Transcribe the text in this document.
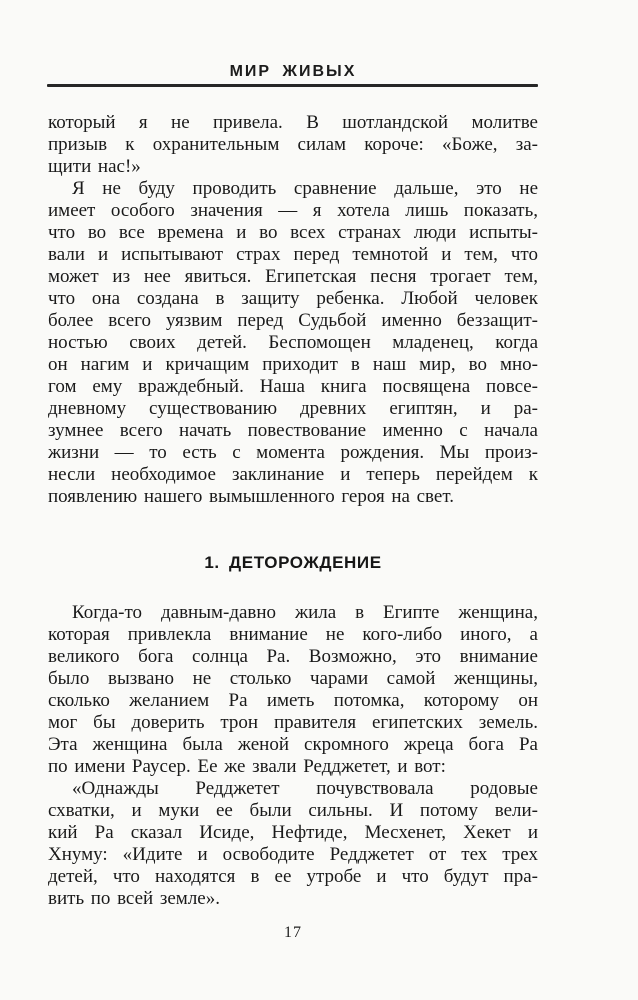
МИР ЖИВЫХ
который я не привела. В шотландской молитве
призыв к охранительным силам короче: «Боже, за-
щити нас!»
Я не буду проводить сравнение дальше, это не
имеет особого значения — я хотела лишь показать,
что во все времена и во всех странах люди испыты-
вали и испытывают страх перед темнотой и тем, что
может из нее явиться. Египетская песня трогает тем,
что она создана в защиту ребенка. Любой человек
более всего уязвим перед Судьбой именно беззащит-
ностью своих детей. Беспомощен младенец, когда
он нагим и кричащим приходит в наш мир, во мно-
гом ему враждебный. Наша книга посвящена повсе-
дневному существованию древних египтян, и ра-
зумнее всего начать повествование именно с начала
жизни — то есть с момента рождения. Мы произ-
несли необходимое заклинание и теперь перейдем к
появлению нашего вымышленного героя на свет.
1. ДЕТОРОЖДЕНИЕ
Когда-то давным-давно жила в Египте женщина,
которая привлекла внимание не кого-либо иного, а
великого бога солнца Ра. Возможно, это внимание
было вызвано не столько чарами самой женщины,
сколько желанием Ра иметь потомка, которому он
мог бы доверить трон правителя египетских земель.
Эта женщина была женой скромного жреца бога Ра
по имени Раусер. Ее же звали Редджетет, и вот:
«Однажды Редджетет почувствовала родовые
схватки, и муки ее были сильны. И потому вели-
кий Ра сказал Исиде, Нефтиде, Месхенет, Хекет и
Хнуму: «Идите и освободите Редджетет от тех трех
детей, что находятся в ее утробе и что будут пра-
вить по всей земле».
17
